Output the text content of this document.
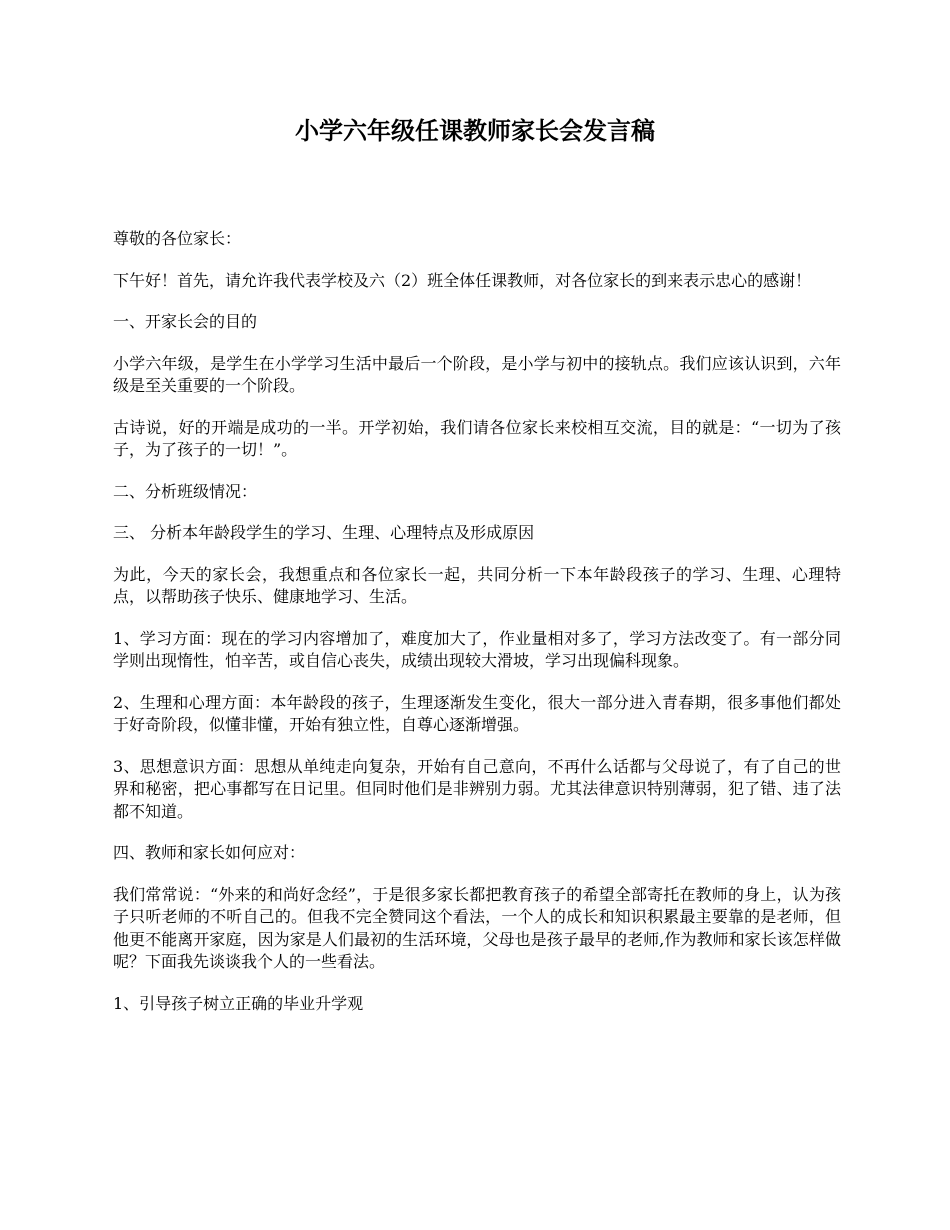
小学六年级任课教师家长会发言稿

尊敬的各位家长：

下午好！首先，请允许我代表学校及六（2）班全体任课教师，对各位家长的到来表示忠心的感谢！

一、开家长会的目的

小学六年级，是学生在小学学习生活中最后一个阶段，是小学与初中的接轨点。我们应该认识到，六年级是至关重要的一个阶段。

古诗说，好的开端是成功的一半。开学初始，我们请各位家长来校相互交流，目的就是：“一切为了孩子，为了孩子的一切！”。

二、分析班级情况：

三、 分析本年龄段学生的学习、生理、心理特点及形成原因

为此，今天的家长会，我想重点和各位家长一起，共同分析一下本年龄段孩子的学习、生理、心理特点，以帮助孩子快乐、健康地学习、生活。

1、学习方面：现在的学习内容增加了，难度加大了，作业量相对多了，学习方法改变了。有一部分同学则出现惰性，怕辛苦，或自信心丧失，成绩出现较大滑坡，学习出现偏科现象。

2、生理和心理方面：本年龄段的孩子，生理逐渐发生变化，很大一部分进入青春期，很多事他们都处于好奇阶段，似懂非懂，开始有独立性，自尊心逐渐增强。

3、思想意识方面：思想从单纯走向复杂，开始有自己意向，不再什么话都与父母说了，有了自己的世界和秘密，把心事都写在日记里。但同时他们是非辨别力弱。尤其法律意识特别薄弱，犯了错、违了法都不知道。

四、教师和家长如何应对：

我们常常说：“外来的和尚好念经”，于是很多家长都把教育孩子的希望全部寄托在教师的身上，认为孩子只听老师的不听自己的。但我不完全赞同这个看法，一个人的成长和知识积累最主要靠的是老师，但他更不能离开家庭，因为家是人们最初的生活环境，父母也是孩子最早的老师,作为教师和家长该怎样做呢？下面我先谈谈我个人的一些看法。

1、引导孩子树立正确的毕业升学观
